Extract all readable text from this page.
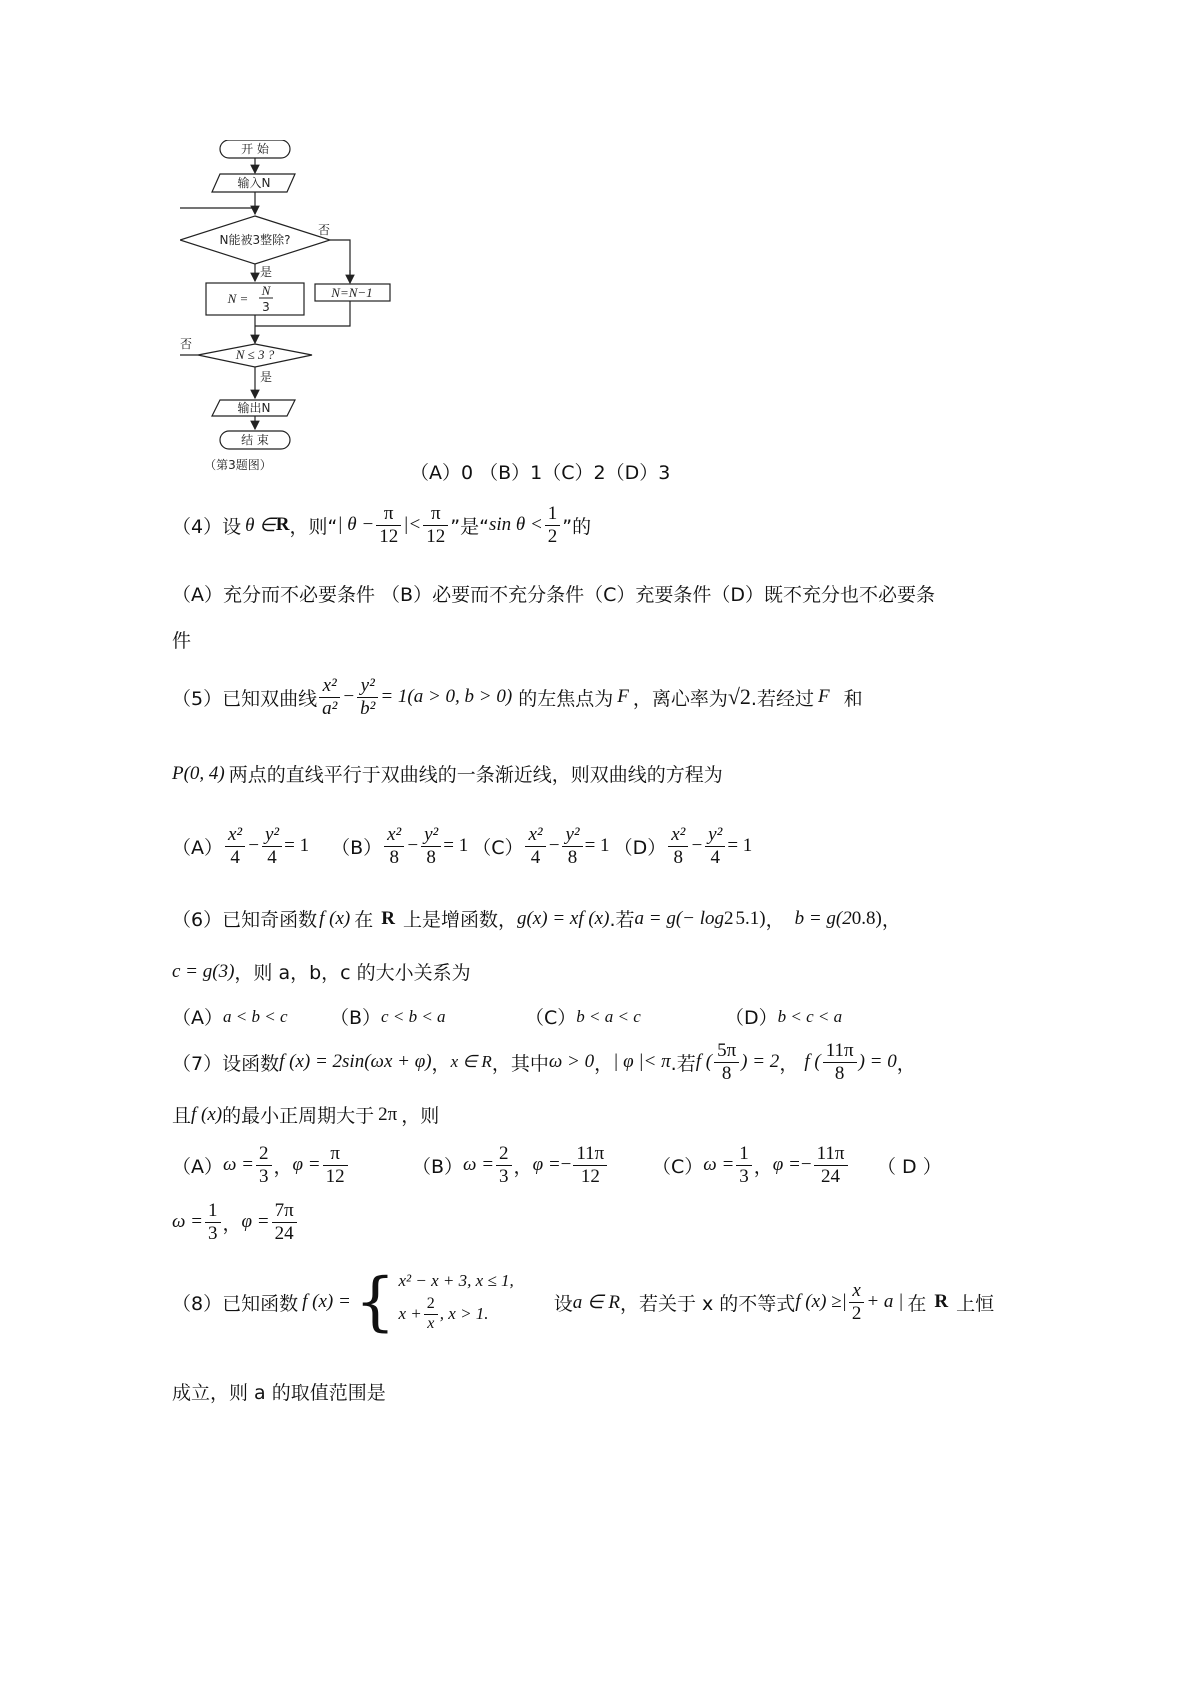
开 始
输入N
N能被3整除?
是
否
N =
N
3
N=N−1
N ≤ 3 ?
否
是
输出N
结 束
（第3题图）	（A）0 （B）1（C）2（D）3
（4）设 θ ∈ R ，则“ | $\theta - \frac{\pi}{12}$ |< $\frac{\pi}{12}$ ”是“ $\sin \theta < \frac{1}{2}$ ”的
（A）充分而不必要条件 （B）必要而不充分条件（C）充要条件（D）既不充分也不必要条
件
（5）已知双曲线 $\frac{\text{x²}}{\text{a²}} - \frac{\text{y²}}{\text{b²}} = 1(a > 0$, b > 0) 的左焦点为 F ，离心率为 √2 .若经过 F 和
P(0, 4) 两点的直线平行于双曲线的一条渐近线，则双曲线的方程为
$(A) \frac{\text{x²}}{4} - \frac{\text{y²}}{4} = 1$ $(B) \frac{\text{x²}}{8} - \frac{\text{y²}}{8} = 1$ $(C) \frac{\text{x²}}{4} - \frac{\text{y²}}{8} = 1$ $(D) \frac{\text{x²}}{8} - \frac{\text{y²}}{4} = 1$
（6）已知奇函数 f (x) 在 R 上是增函数， g(x) = xf (x) .若 a = g(− log 2 5.1) ， b = g(2 0.8 ) ，
c = g(3) ，则 a，b，c 的大小关系为
（A） a < b < c （B） c < b < a	（C） b < a < c	（D） b < c < a
（7）设函数 f (x) = 2sin(ωx + φ) ， x ∈ R ，其中 ω > 0 ， | φ |< π .若 f ( $\frac{5\pi}{8}$ ) = 2 ， f ( $\frac{11\pi}{8}$ ) = 0 ，
且 f (x) 的最小正周期大于 2π ，则
（A） $\omega = \frac{2}{3}$ ， $\varphi = \frac{\pi}{12}$	（B） $\omega = \frac{2}{3}$ ， φ = − $\frac{11\pi}{12} (C) \omega = \frac{1}{3}$ ， φ = − $\frac{11\pi}{24}$ （ D ）
$\omega = \frac{1}{3}$ ， $\varphi = \frac{7\pi}{24}$
（8）已知函数 f (x) = { x² − x + 3, x ≤ 1,
$x + \frac{2}{x}$ , x > 1.	设 a ∈ R ，若关于 x 的不等式 f (x) ≥| $\frac{x}{2} + a$ | 在 R 上恒
成立，则 a 的取值范围是
